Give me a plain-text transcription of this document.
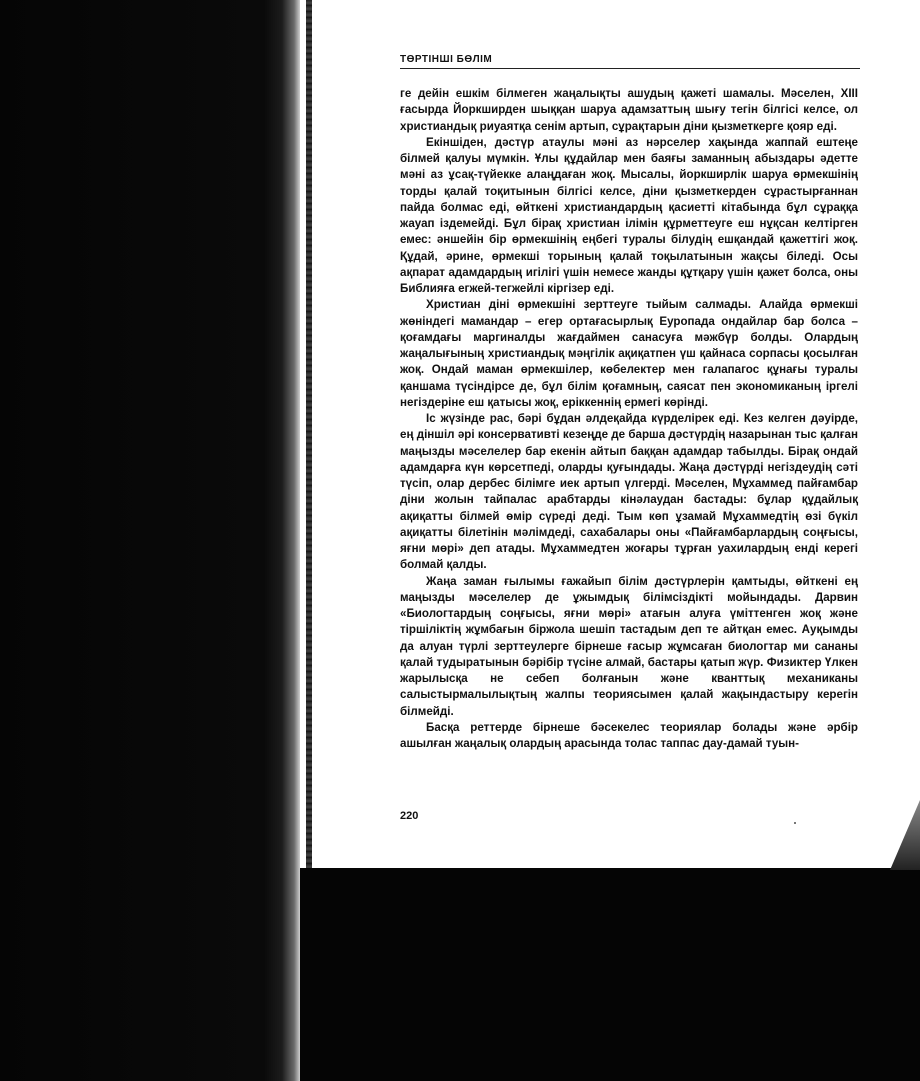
ТӨРТІНШІ БӨЛІМ

ге дейін ешкім білмеген жаңалықты ашудың қажеті шамалы. Мәселен, XIII ғасырда Йоркширден шыққан шаруа адамзаттың шығу тегін білгісі келсе, ол христиандық риуаятқа сенім артып, сұрақтарын діни қызметкерге қояр еді.

Екіншіден, дәстүр атаулы мәні аз нәрселер хақында жаппай ештеңе білмей қалуы мүмкін. Ұлы құдайлар мен баяғы заманның абыздары әдетте мәні аз ұсақ-түйекке алаңдаған жоқ. Мысалы, йоркширлік шаруа өрмекшінің торды қалай тоқитынын білгісі келсе, діни қызметкерден сұрастырғаннан пайда болмас еді, өйткені христиандардың қасиетті кітабында бұл сұраққа жауап іздемейді. Бұл бірақ христиан ілімін құрметтеуге еш нұқсан келтірген емес: әншейін бір өрмекшінің еңбегі туралы білудің ешқандай қажеттігі жоқ. Құдай, әрине, өрмекші торының қалай тоқылатынын жақсы біледі. Осы ақпарат адамдардың игілігі үшін немесе жанды құтқару үшін қажет болса, оны Библияға егжей-тегжейлі кіргізер еді.

Христиан діні өрмекшіні зерттеуге тыйым салмады. Алайда өрмекші жөніндегі мамандар – егер ортағасырлық Еуропада ондайлар бар болса – қоғамдағы маргиналды жағдаймен санасуға мәжбүр болды. Олардың жаңалығының христиандық мәңгілік ақиқатпен үш қайнаса сорпасы қосылған жоқ. Ондай маман өрмекшілер, көбелектер мен галапагос құнағы туралы қаншама түсіндірсе де, бұл білім қоғамның, саясат пен экономиканың іргелі негіздеріне еш қатысы жоқ, еріккеннің ермегі көрінді.

Іс жүзінде рас, бәрі бұдан әлдеқайда күрделірек еді. Кез келген дәуірде, ең діншіл әрі консервативті кезеңде де барша дәстүрдің назарынан тыс қалған маңызды мәселелер бар екенін айтып баққан адамдар табылды. Бірақ ондай адамдарға күн көрсетпеді, оларды қуғындады. Жаңа дәстүрді негіздеудің сәті түсіп, олар дербес білімге иек артып үлгерді. Мәселен, Мұхаммед пайғамбар діни жолын тайпалас арабтарды кінәлаудан бастады: бұлар құдайлық ақиқатты білмей өмір сүреді деді. Тым көп ұзамай Мұхаммедтің өзі бүкіл ақиқатты білетінін мәлімдеді, сахабалары оны «Пайғамбарлардың соңғысы, яғни мөрі» деп атады. Мұхаммедтен жоғары тұрған уахилардың енді керегі болмай қалды.

Жаңа заман ғылымы ғажайып білім дәстүрлерін қамтыды, өйткені ең маңызды мәселелер де ұжымдық білімсіздікті мойындады. Дарвин «Биологтардың соңғысы, яғни мөрі» атағын алуға үміттенген жоқ және тіршіліктің жұмбағын біржола шешіп тастадым деп те айтқан емес. Ауқымды да алуан түрлі зерттеулерге бірнеше ғасыр жұмсаған биологтар ми сананы қалай тудыратынын бәрібір түсіне алмай, бастары қатып жүр. Физиктер Үлкен жарылысқа не себеп болғанын және кванттық механиканы салыстырмалылықтың жалпы теориясымен қалай жақындастыру керегін білмейді.

Басқа реттерде бірнеше бәсекелес теориялар болады және әрбір ашылған жаңалық олардың арасында толас таппас дау-дамай туын-

220
